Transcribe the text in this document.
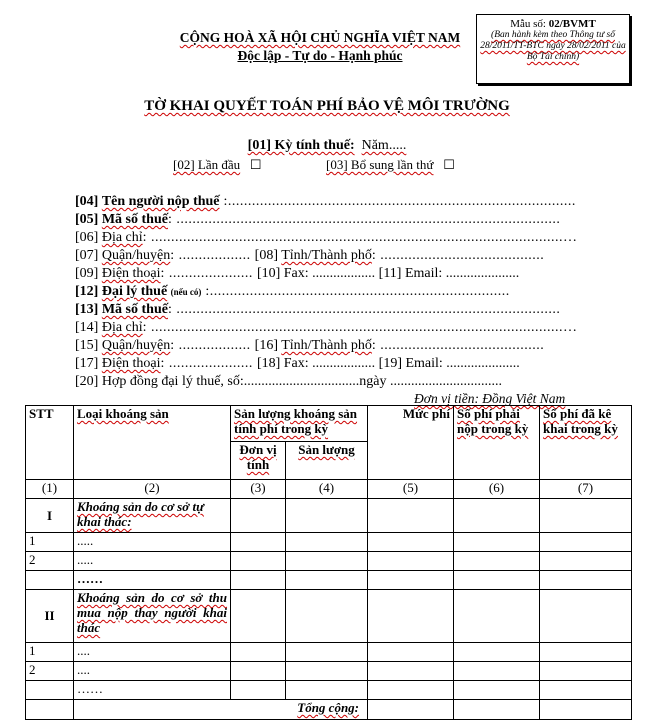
CỘNG HOÀ XÃ HỘI CHỦ NGHĨA VIỆT NAM
Độc lập - Tự do - Hạnh phúc
Mẫu số: 02/BVMT
(Ban hành kèm theo Thông tư số 28/2011/TT-BTC ngày 28/02/2011 của Bộ Tài chính)
TỜ KHAI QUYẾT TOÁN PHÍ BẢO VỆ MÔI TRƯỜNG
[01] Kỳ tính thuế: Năm.....
[02] Lần đầu ☐	[03] Bổ sung lần thứ ☐
[04] Tên người nộp thuế :.......................................................................................
[05] Mã số thuế: ................................................................................................
[06] Địa chỉ: .......................................................................................................…
[07] Quận/huyện: .................. [08] Tỉnh/Thành phố: .........................................
[09] Điện thoại: ..................... [10] Fax: .................. [11] Email: .....................
[12] Đại lý thuế (nếu có) :...........................................................................
[13] Mã số thuế: ................................................................................................
[14] Địa chỉ: .......................................................................................................…
[15] Quận/huyện: .................. [16] Tỉnh/Thành phố: .........................................
[17] Điện thoại: ..................... [18] Fax: .................. [19] Email: .....................
[20] Hợp đồng đại lý thuế, số:.................................ngày ................................
Đơn vị tiền: Đồng Việt Nam
STT	Loại khoáng sản	Sản lượng khoáng sản tính phí trong kỳ		Mức phí	Số phí phải nộp trong kỳ	Số phí đã kê khai trong kỳ
		Đơn vị tính	Sản lượng			
(1)	(2)	(3)	(4)	(5)	(6)	(7)
I	Khoáng sản do cơ sở tự khai thác:					
1	.....					
2	.....					
	……					
II	Khoáng sản do cơ sở thu mua nộp thay người khai thác					
1	....					
2	....					
	……					
	Tổng cộng:					
